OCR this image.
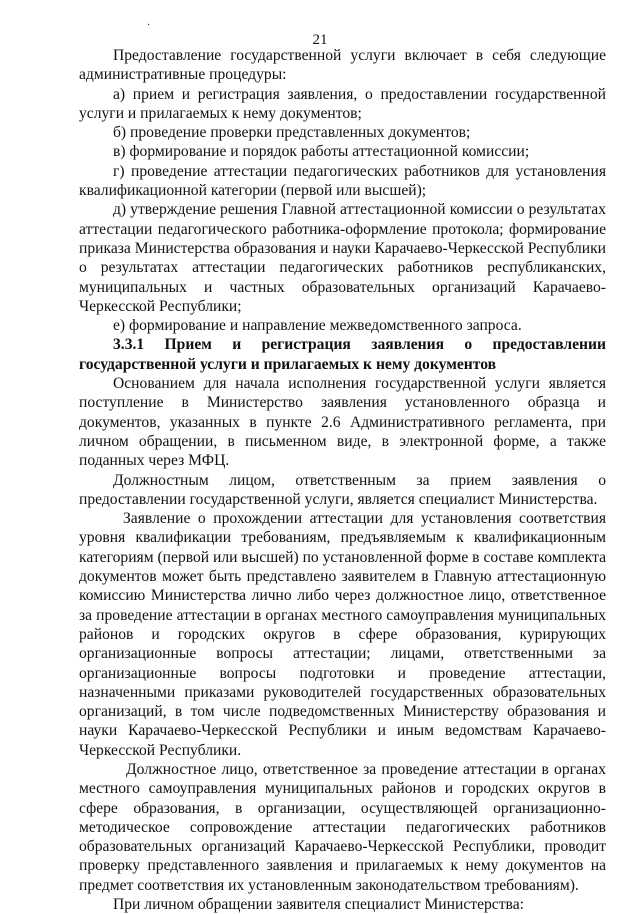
·
21

Предоставление государственной услуги включает в себя следующие административные процедуры:

а) прием и регистрация заявления, о предоставлении государственной услуги и прилагаемых к нему документов;

б) проведение проверки представленных документов;

в) формирование и порядок работы аттестационной комиссии;

г) проведение аттестации педагогических работников для установления квалификационной категории (первой или высшей);

д) утверждение решения Главной аттестационной комиссии о результатах аттестации педагогического работника-оформление протокола; формирование приказа Министерства образования и науки Карачаево-Черкесской Республики о результатах аттестации педагогических работников республиканских, муниципальных и частных образовательных организаций Карачаево-Черкесской Республики;

е) формирование и направление межведомственного запроса.

3.3.1 Прием и регистрация заявления о предоставлении государственной услуги и прилагаемых к нему документов

Основанием для начала исполнения государственной услуги является поступление в Министерство заявления установленного образца и документов, указанных в пункте 2.6 Административного регламента, при личном обращении, в письменном виде, в электронной форме, а также поданных через МФЦ.

Должностным лицом, ответственным за прием заявления о предоставлении государственной услуги, является специалист Министерства.

Заявление о прохождении аттестации для установления соответствия уровня квалификации требованиям, предъявляемым к квалификационным категориям (первой или высшей) по установленной форме в составе комплекта документов может быть представлено заявителем в Главную аттестационную комиссию Министерства лично либо через должностное лицо, ответственное за проведение аттестации в органах местного самоуправления муниципальных районов и городских округов в сфере образования, курирующих организационные вопросы аттестации; лицами, ответственными за организационные вопросы подготовки и проведение аттестации, назначенными приказами руководителей государственных образовательных организаций, в том числе подведомственных Министерству образования и науки Карачаево-Черкесской Республики и иным ведомствам Карачаево-Черкесской Республики.

Должностное лицо, ответственное за проведение аттестации в органах местного самоуправления муниципальных районов и городских округов в сфере образования, в организации, осуществляющей организационно-методическое сопровождение аттестации педагогических работников образовательных организаций Карачаево-Черкесской Республики, проводит проверку представленного заявления и прилагаемых к нему документов на предмет соответствия их установленным законодательством требованиям).

При личном обращении заявителя специалист Министерства:
